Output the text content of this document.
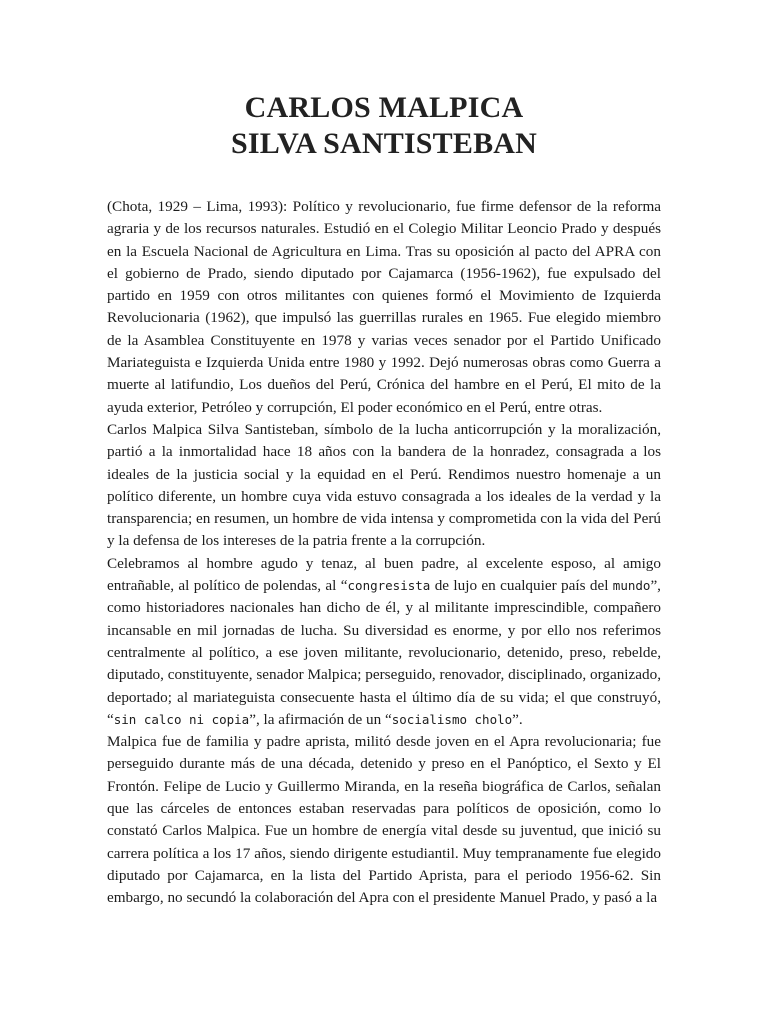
CARLOS MALPICA
SILVA SANTISTEBAN

(Chota, 1929 – Lima, 1993): Político y revolucionario, fue firme defensor de la reforma agraria y de los recursos naturales. Estudió en el Colegio Militar Leoncio Prado y después en la Escuela Nacional de Agricultura en Lima. Tras su oposición al pacto del APRA con el gobierno de Prado, siendo diputado por Cajamarca (1956-1962), fue expulsado del partido en 1959 con otros militantes con quienes formó el Movimiento de Izquierda Revolucionaria (1962), que impulsó las guerrillas rurales en 1965. Fue elegido miembro de la Asamblea Constituyente en 1978 y varias veces senador por el Partido Unificado Mariateguista e Izquierda Unida entre 1980 y 1992. Dejó numerosas obras como Guerra a muerte al latifundio, Los dueños del Perú, Crónica del hambre en el Perú, El mito de la ayuda exterior, Petróleo y corrupción, El poder económico en el Perú, entre otras.

Carlos Malpica Silva Santisteban, símbolo de la lucha anticorrupción y la moralización, partió a la inmortalidad hace 18 años con la bandera de la honradez, consagrada a los ideales de la justicia social y la equidad en el Perú. Rendimos nuestro homenaje a un político diferente, un hombre cuya vida estuvo consagrada a los ideales de la verdad y la transparencia; en resumen, un hombre de vida intensa y comprometida con la vida del Perú y la defensa de los intereses de la patria frente a la corrupción.

Celebramos al hombre agudo y tenaz, al buen padre, al excelente esposo, al amigo entrañable, al político de polendas, al “congresista de lujo en cualquier país del mundo”, como historiadores nacionales han dicho de él, y al militante imprescindible, compañero incansable en mil jornadas de lucha. Su diversidad es enorme, y por ello nos referimos centralmente al político, a ese joven militante, revolucionario, detenido, preso, rebelde, diputado, constituyente, senador Malpica; perseguido, renovador, disciplinado, organizado, deportado; al mariateguista consecuente hasta el último día de su vida; el que construyó, “sin calco ni copia”, la afirmación de un “socialismo cholo”.

Malpica fue de familia y padre aprista, militó desde joven en el Apra revolucionaria; fue perseguido durante más de una década, detenido y preso en el Panóptico, el Sexto y El Frontón. Felipe de Lucio y Guillermo Miranda, en la reseña biográfica de Carlos, señalan que las cárceles de entonces estaban reservadas para políticos de oposición, como lo constató Carlos Malpica. Fue un hombre de energía vital desde su juventud, que inició su carrera política a los 17 años, siendo dirigente estudiantil. Muy tempranamente fue elegido diputado por Cajamarca, en la lista del Partido Aprista, para el periodo 1956-62. Sin embargo, no secundó la colaboración del Apra con el presidente Manuel Prado, y pasó a la
